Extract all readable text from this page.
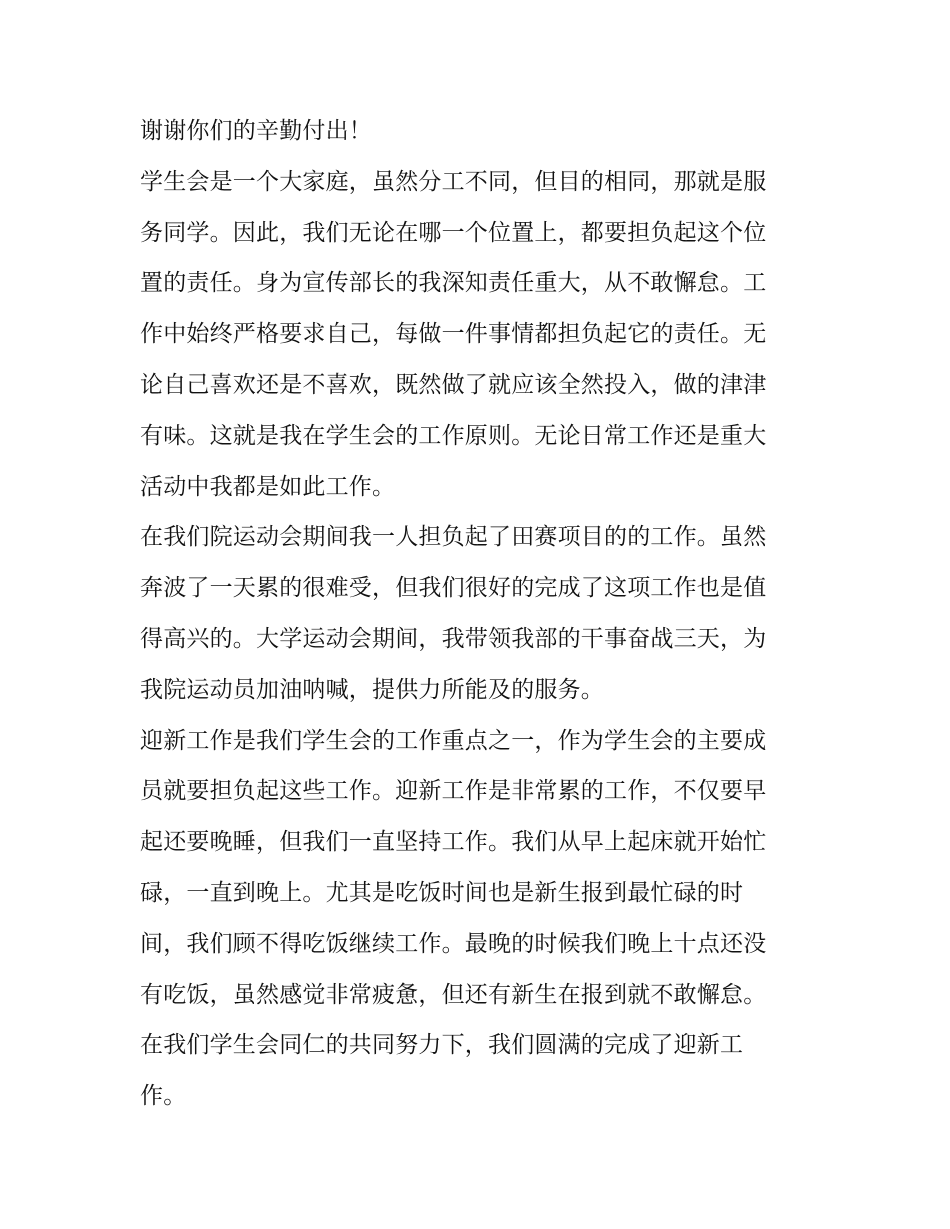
谢谢你们的辛勤付出！
学生会是一个大家庭，虽然分工不同，但目的相同，那就是服
务同学。因此，我们无论在哪一个位置上，都要担负起这个位
置的责任。身为宣传部长的我深知责任重大，从不敢懈怠。工
作中始终严格要求自己，每做一件事情都担负起它的责任。无
论自己喜欢还是不喜欢，既然做了就应该全然投入，做的津津
有味。这就是我在学生会的工作原则。无论日常工作还是重大
活动中我都是如此工作。
在我们院运动会期间我一人担负起了田赛项目的的工作。虽然
奔波了一天累的很难受，但我们很好的完成了这项工作也是值
得高兴的。大学运动会期间，我带领我部的干事奋战三天，为
我院运动员加油呐喊，提供力所能及的服务。
迎新工作是我们学生会的工作重点之一，作为学生会的主要成
员就要担负起这些工作。迎新工作是非常累的工作，不仅要早
起还要晚睡，但我们一直坚持工作。我们从早上起床就开始忙
碌，一直到晚上。尤其是吃饭时间也是新生报到最忙碌的时
间，我们顾不得吃饭继续工作。最晚的时候我们晚上十点还没
有吃饭，虽然感觉非常疲惫，但还有新生在报到就不敢懈怠。
在我们学生会同仁的共同努力下，我们圆满的完成了迎新工
作。
